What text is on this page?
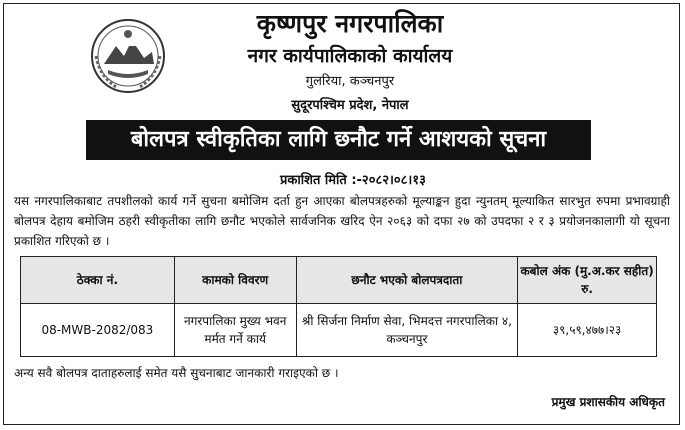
कृष्णपुर नगरपालिका
नगर कार्यपालिकाको कार्यालय
गुलरिया, कञ्चनपुर
सुदूरपश्चिम प्रदेश, नेपाल
बोलपत्र स्वीकृतिका लागि छनौट गर्ने आशयको सूचना
प्रकाशित मिति :-२०८२।०८।१३
यस नगरपालिकाबाट तपशीलको कार्य गर्ने सुचना बमोजिम दर्ता हुन आएका बोलपत्रहरुको मूल्याङ्कन हुदा न्युनतम् मूल्याकित सारभुत रुपमा प्रभावग्राही बोलपत्र देहाय बमोजिम ठहरी स्वीकृतीका लागि छनौट भएकोले सार्वजनिक खरिद ऐन २०६३ को दफा २७ को उपदफा २ र ३ प्रयोजनकालागी यो सूचना प्रकाशित गरिएको छ ।
ठेक्का नं.	कामको विवरण	छनौट भएको बोलपत्रदाता	कबोल अंक (मु.अ.कर सहीत) रु.
08-MWB-2082/083	नगरपालिका मुख्य भवन मर्मत गर्ने कार्य	श्री सिर्जना निर्माण सेवा, भिमदत्त नगरपालिका ४, कञ्चनपुर	३९,५९,४७७।२३
अन्य सवै बोलपत्र दाताहरुलाई समेत यसै सुचनाबाट जानकारी गराइएको छ ।
प्रमुख प्रशासकीय अधिकृत
